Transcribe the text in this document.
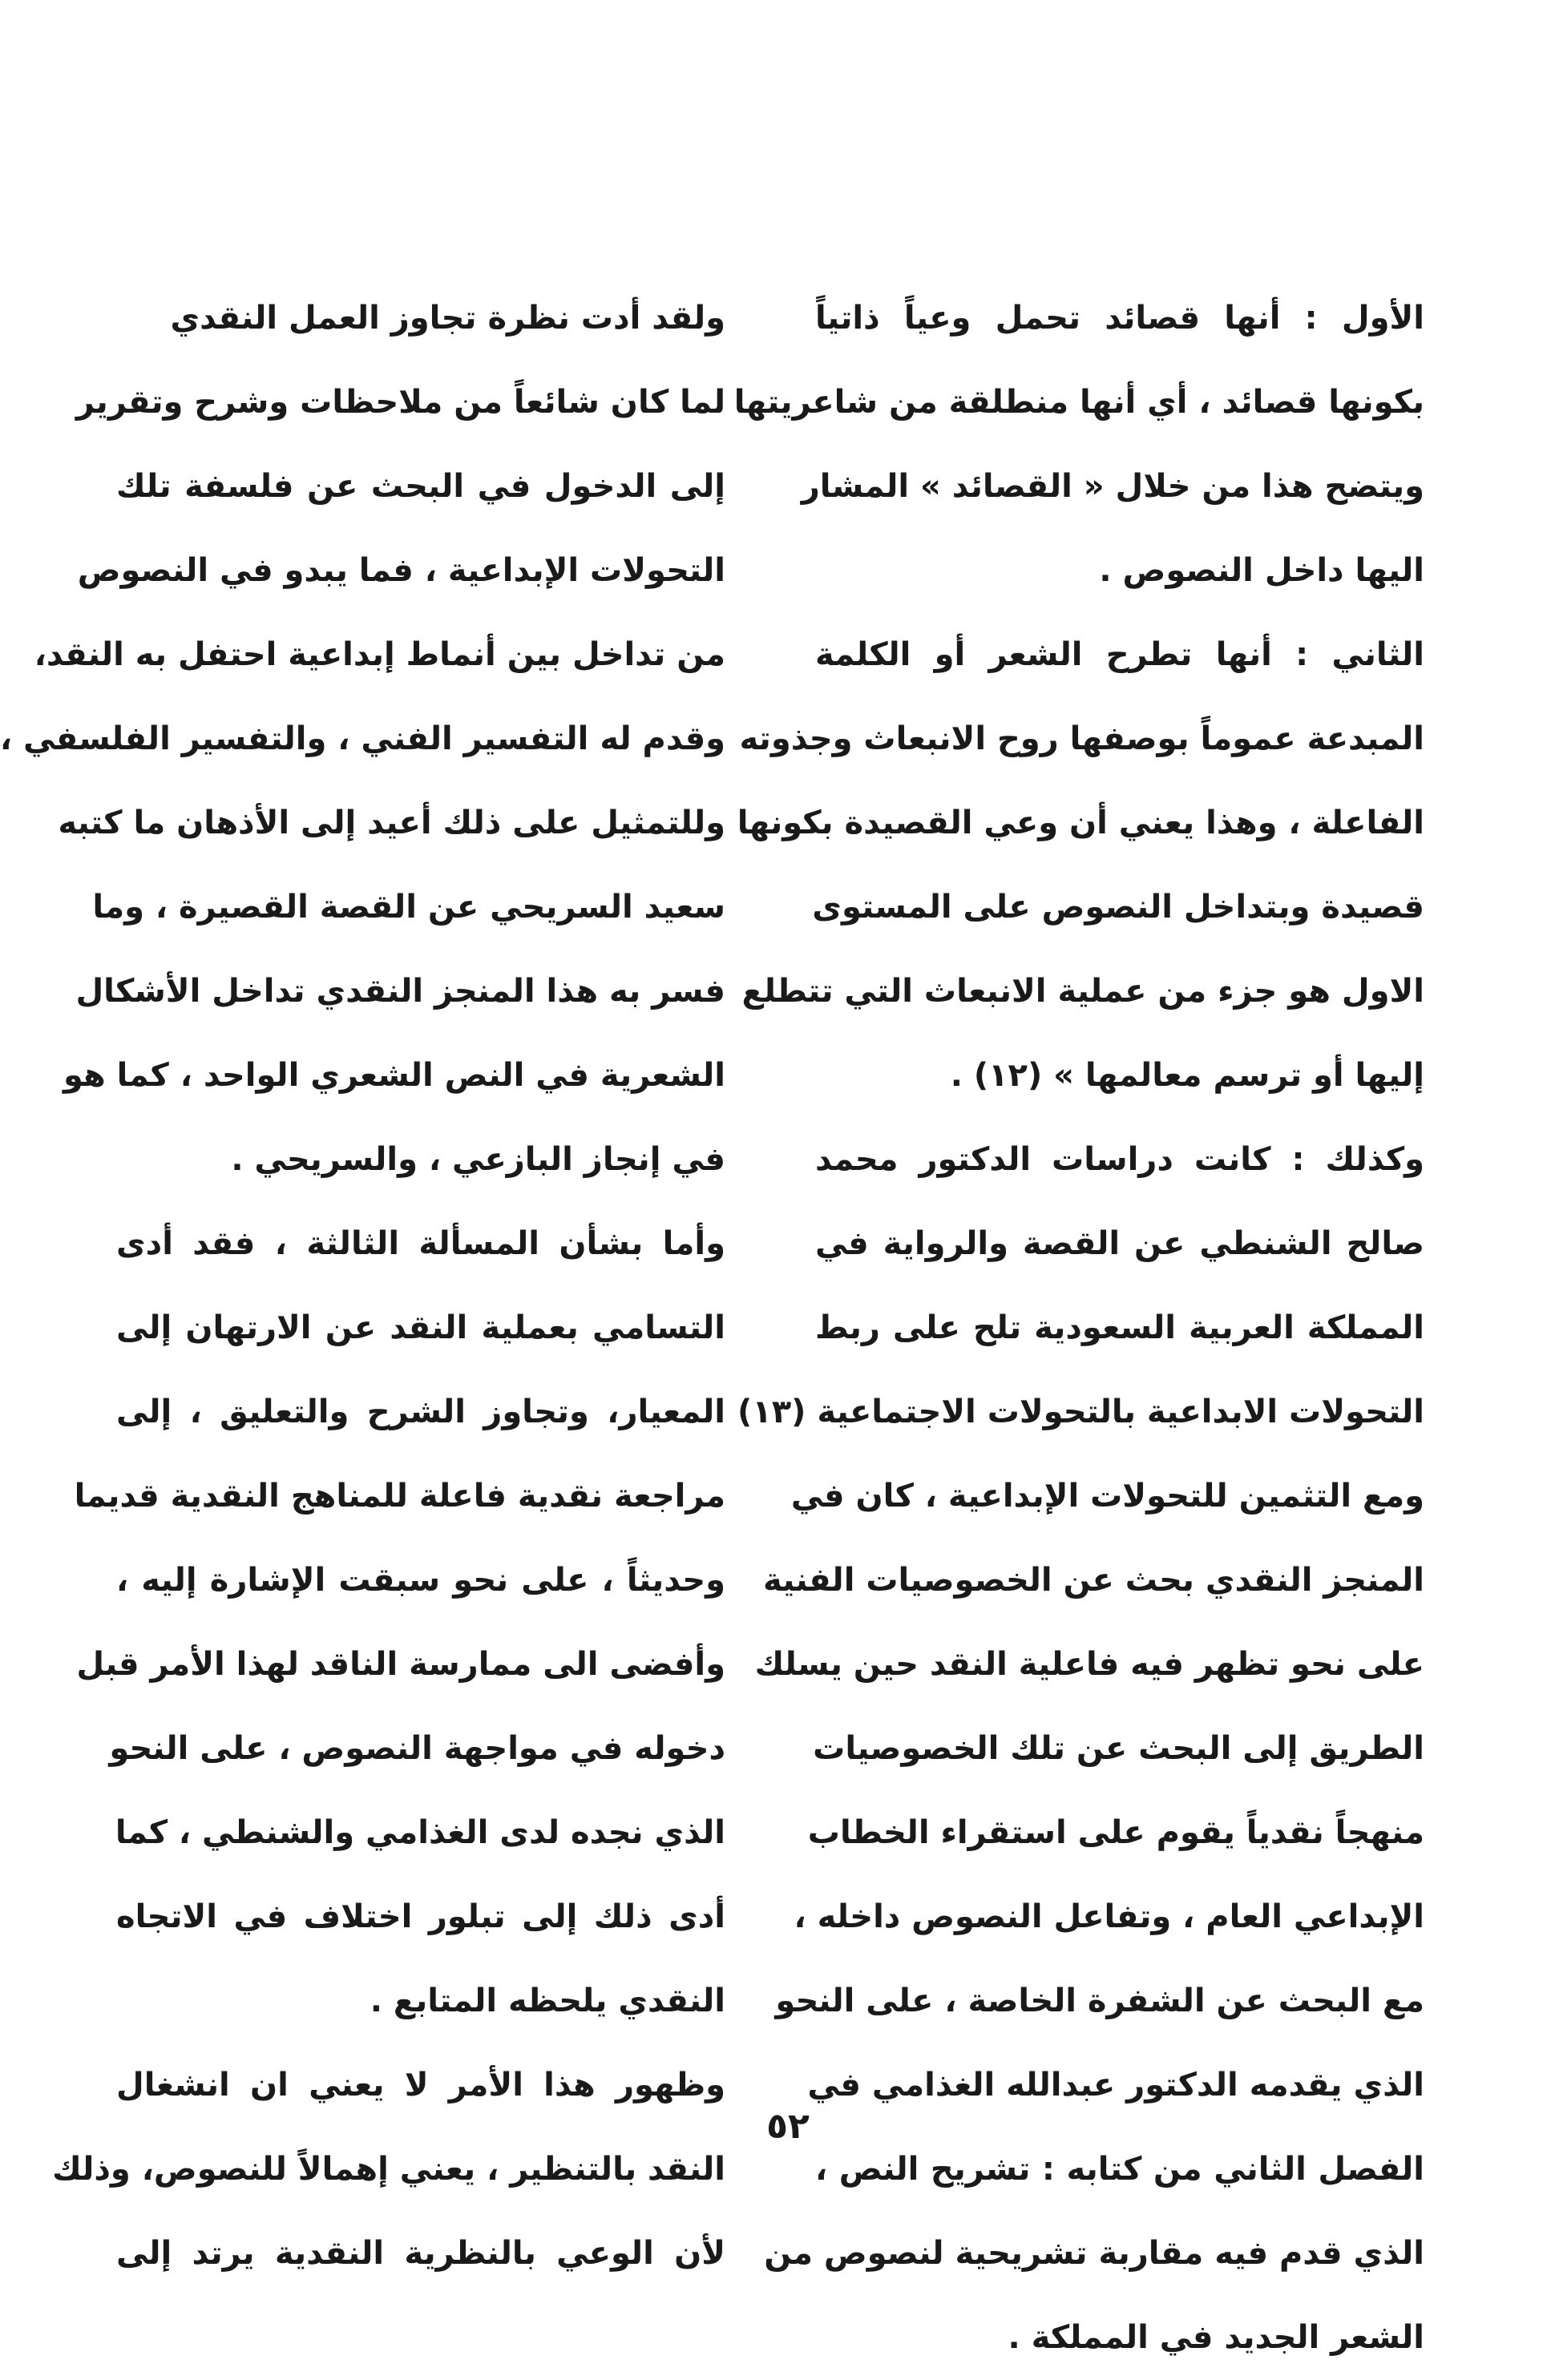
الأول : أنها قصائد تحمل وعياً ذاتياً
بكونها قصائد ، أي أنها منطلقة من شاعريتها
ويتضح هذا من خلال « القصائد » المشار
اليها داخل النصوص .
الثاني : أنها تطرح الشعر أو الكلمة
المبدعة عموماً بوصفها روح الانبعاث وجذوته
الفاعلة ، وهذا يعني أن وعي القصيدة بكونها
قصيدة وبتداخل النصوص على المستوى
الاول هو جزء من عملية الانبعاث التي تتطلع
إليها أو ترسم معالمها » (١٢) .
وكذلك : كانت دراسات الدكتور محمد
صالح الشنطي عن القصة والرواية في
المملكة العربية السعودية تلح على ربط
التحولات الابداعية بالتحولات الاجتماعية (١٣)
ومع التثمين للتحولات الإبداعية ، كان في
المنجز النقدي بحث عن الخصوصيات الفنية
على نحو تظهر فيه فاعلية النقد حين يسلك
الطريق إلى البحث عن تلك الخصوصيات
منهجاً نقدياً يقوم على استقراء الخطاب
الإبداعي العام ، وتفاعل النصوص داخله ،
مع البحث عن الشفرة الخاصة ، على النحو
الذي يقدمه الدكتور عبدالله الغذامي في
الفصل الثاني من كتابه : تشريح النص ،
الذي قدم فيه مقاربة تشريحية لنصوص من
الشعر الجديد في المملكة .
ولقد أدت نظرة تجاوز العمل النقدي
لما كان شائعاً من ملاحظات وشرح وتقرير
إلى الدخول في البحث عن فلسفة تلك
التحولات الإبداعية ، فما يبدو في النصوص
من تداخل بين أنماط إبداعية احتفل به النقد،
وقدم له التفسير الفني ، والتفسير الفلسفي ،
وللتمثيل على ذلك أعيد إلى الأذهان ما كتبه
سعيد السريحي عن القصة القصيرة ، وما
فسر به هذا المنجز النقدي تداخل الأشكال
الشعرية في النص الشعري الواحد ، كما هو
في إنجاز البازعي ، والسريحي .
وأما بشأن المسألة الثالثة ، فقد أدى
التسامي بعملية النقد عن الارتهان إلى
المعيار، وتجاوز الشرح والتعليق ، إلى
مراجعة نقدية فاعلة للمناهج النقدية قديما
وحديثاً ، على نحو سبقت الإشارة إليه ،
وأفضى الى ممارسة الناقد لهذا الأمر قبل
دخوله في مواجهة النصوص ، على النحو
الذي نجده لدى الغذامي والشنطي ، كما
أدى ذلك إلى تبلور اختلاف في الاتجاه
النقدي يلحظه المتابع .
وظهور هذا الأمر لا يعني ان انشغال
النقد بالتنظير ، يعني إهمالاً للنصوص، وذلك
لأن الوعي بالنظرية النقدية يرتد إلى
٥٢
